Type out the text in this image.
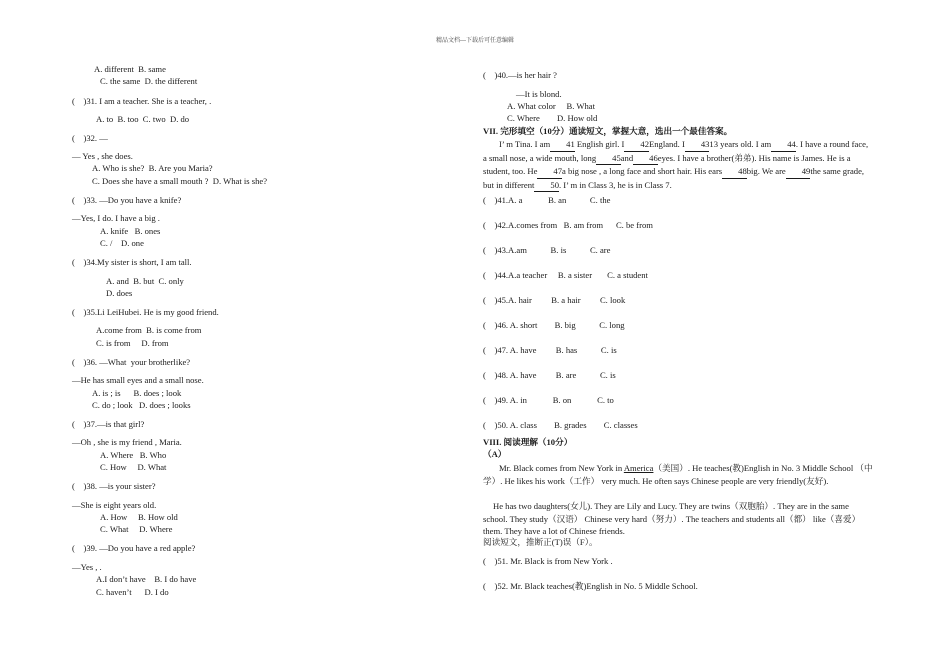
精品文档---下载后可任意编辑
A. different  B. same
C. the same  D. the different
(    )31. I am a teacher. She is a teacher, .
A. to  B. too  C. two  D. do
(    )32. —
— Yes , she does.
A. Who is she?  B. Are you Maria?
C. Does she have a small mouth ?  D. What is she?
(    )33. —Do you have a knife?
—Yes, I do. I have a big .
A. knife   B. ones
C. /    D. one
(    )34.My sister is short, I am tall.
A. and  B. but  C. only
D. does
(    )35.Li LeiHubei. He is my good friend.
A.come from  B. is come from
C. is from     D. from
(    )36. —What  your brotherlike?
—He has small eyes and a small nose.
A. is ; is      B. does ; look
C. do ; look   D. does ; looks
(    )37.—is that girl?
—Oh , she is my friend , Maria.
A. Where   B. Who
C. How     D. What
(    )38. —is your sister?
—She is eight years old.
A. How     B. How old
C. What     D. Where
(    )39. —Do you have a red apple?
—Yes , .
A.I don’t have    B. I do have
C. haven’t      D. I do
(    )40.—is her hair ?
—It is blond.
A. What color     B. What
C. Where        D. How old
VII. 完形填空（10分）通读短文，掌握大意，选出一个最佳答案。
I’ m Tina. I am 41 English girl. I 42England. I 4313 years old. I am 44. I have a round face, a small nose, a wide mouth, long 45and 46eyes. I have a brother(弟弟). His name is James. He is a student, too. He 47a big nose , a long face and short hair. His ears 48big. We are 49the same grade, but in different 50. I’ m in Class 3, he is in Class 7.
(    )41.A. a            B. an           C. the
(    )42.A.comes from   B. am from      C. be from
(    )43.A.am           B. is           C. are
(    )44.A.a teacher     B. a sister       C. a student
(    )45.A. hair         B. a hair         C. look
(    )46. A. short        B. big           C. long
(    )47. A. have         B. has           C. is
(    )48. A. have         B. are           C. is
(    )49. A. in            B. on            C. to
(    )50. A. class        B. grades        C. classes
VIII. 阅读理解（10分）
（A）
Mr. Black comes from New York in America（美国）. He teaches(教)English in No. 3 Middle School （中学）. He likes his work（工作） very much. He often says Chinese people are very friendly(友好).
He has two daughters(女儿). They are Lily and Lucy. They are twins（双胞胎）. They are in the same school. They study（汉语） Chinese very hard（努力）. The teachers and students all（都） like（喜爱）them. They have a lot of Chinese friends.
阅读短文，推断正(T)误（F）。
(    )51. Mr. Black is from New York .
(    )52. Mr. Black teaches(教)English in No. 5 Middle School.
